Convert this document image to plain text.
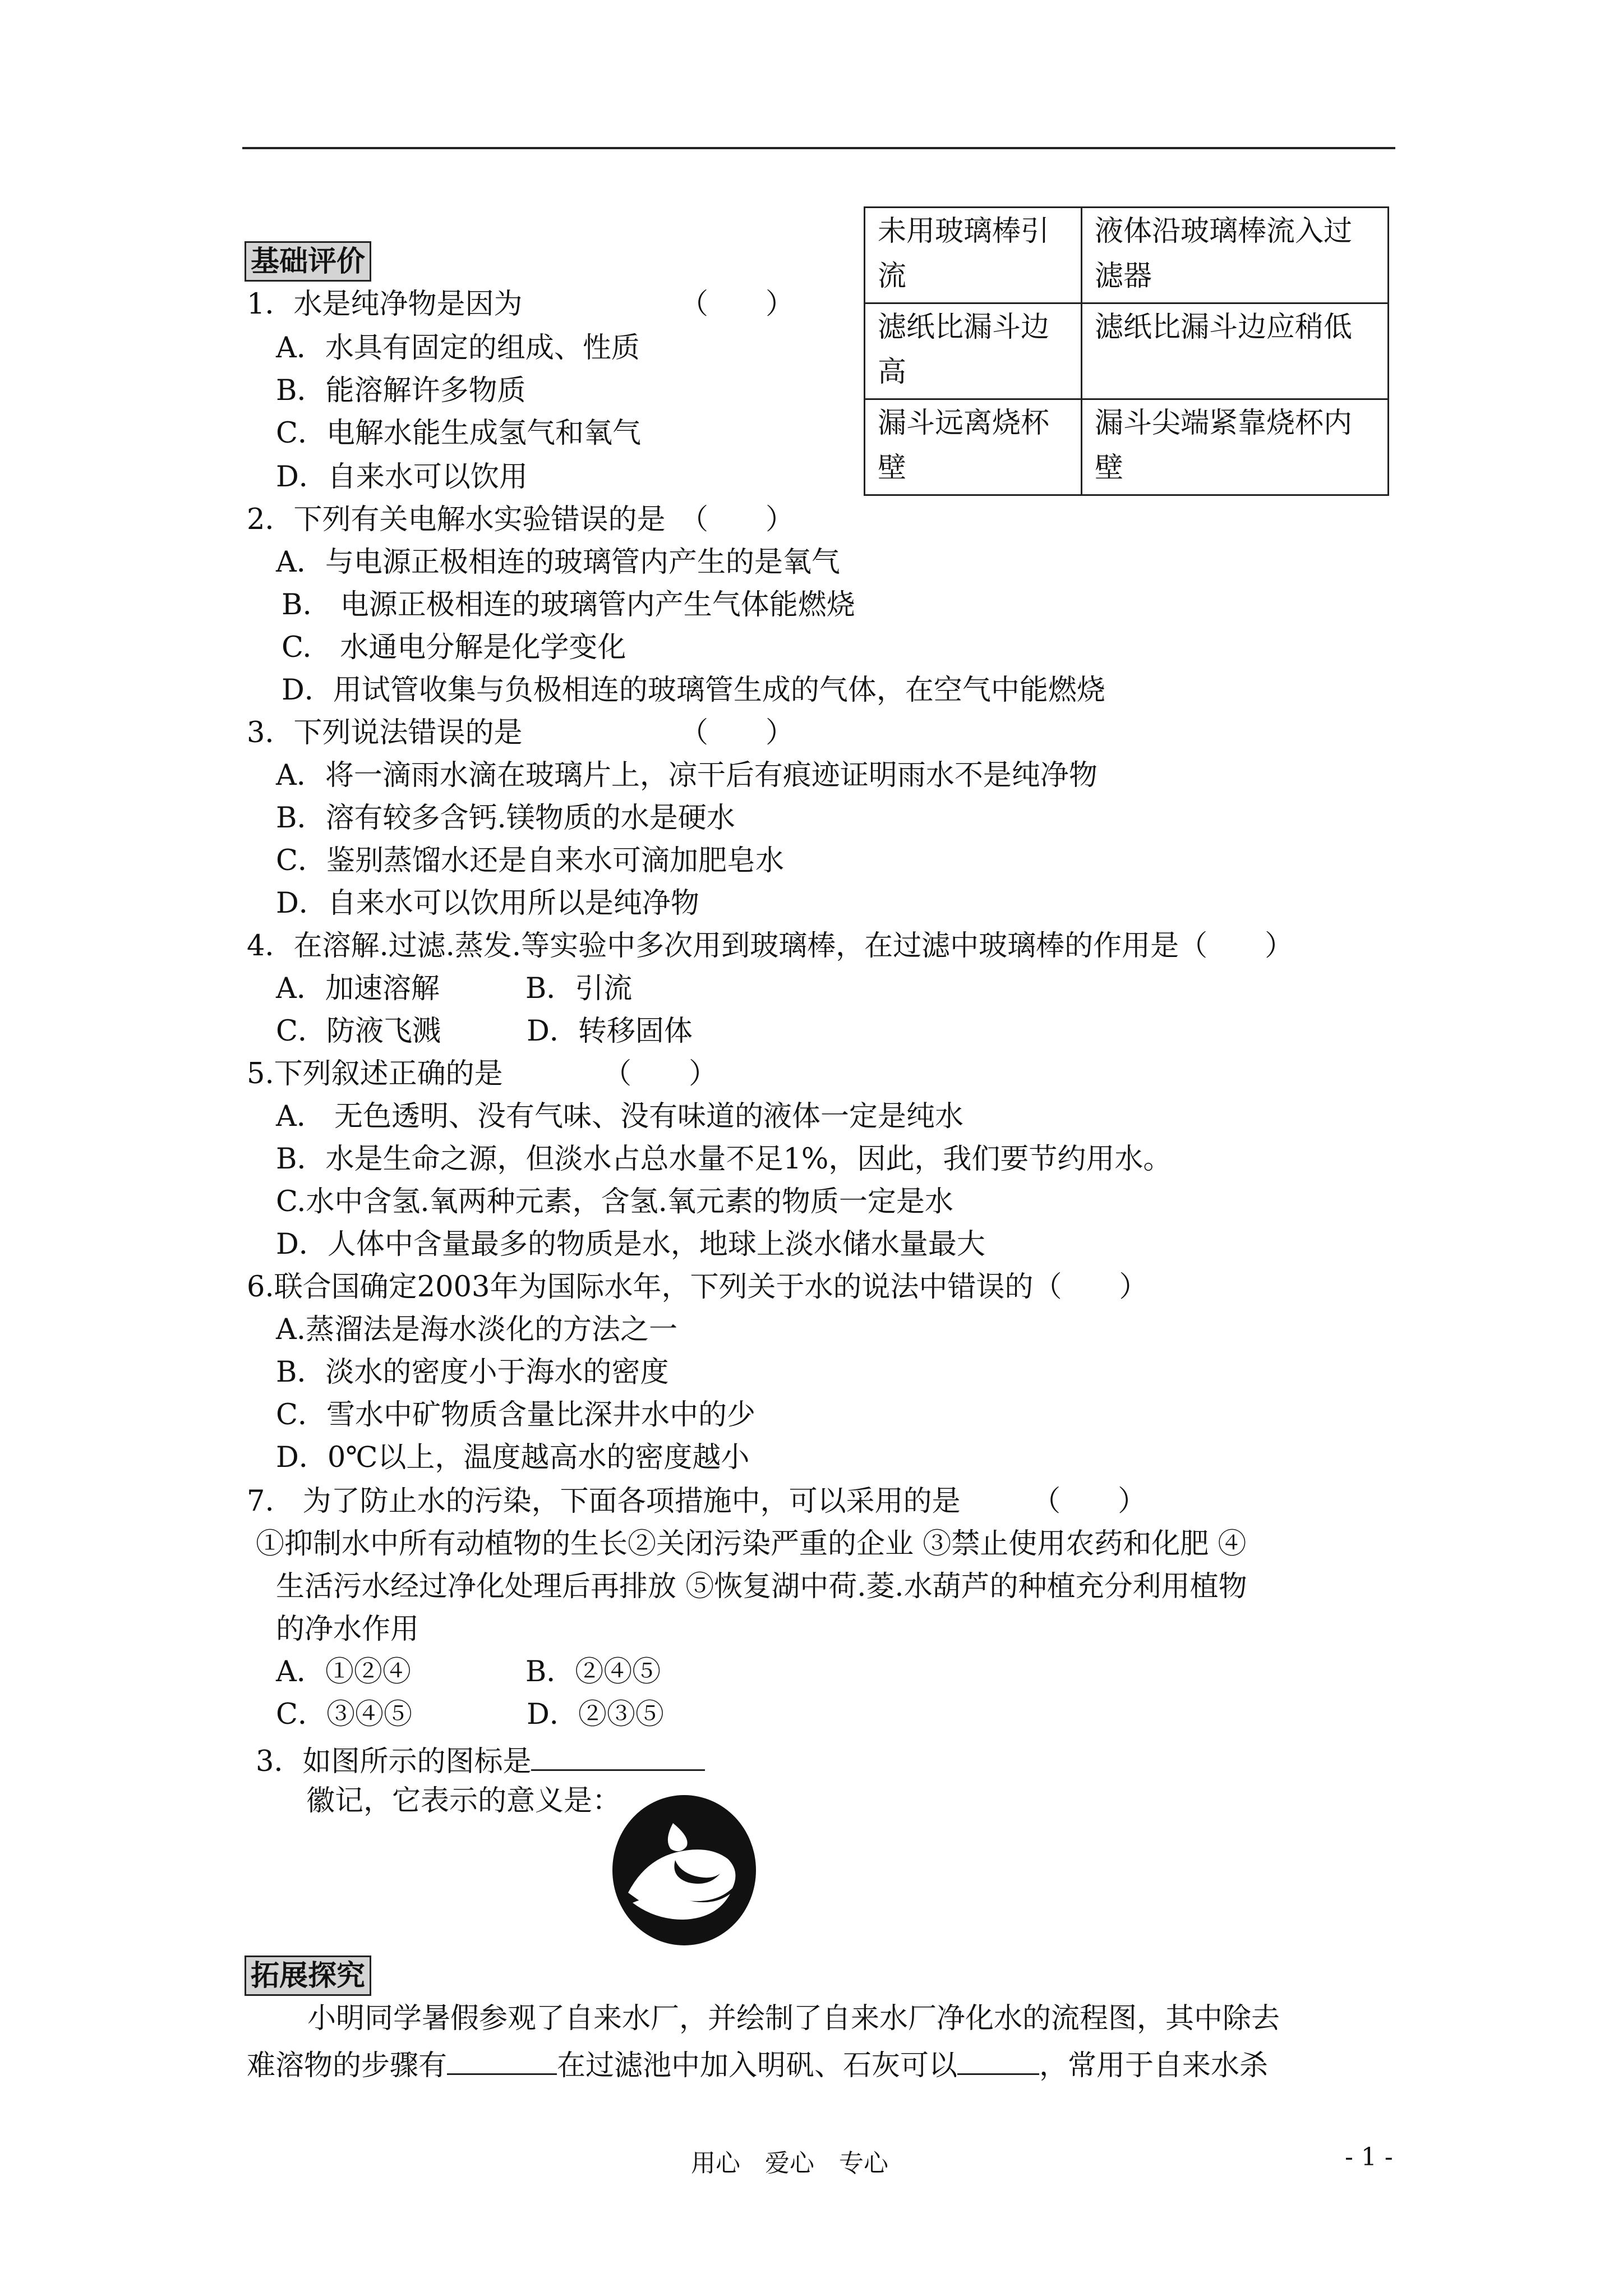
未用玻璃棒引流	液体沿玻璃棒流入过滤器
滤纸比漏斗边高	滤纸比漏斗边应稍低
漏斗远离烧杯壁	漏斗尖端紧靠烧杯内壁
基础评价
1．水是纯净物是因为　　　　　　（　　）
A．水具有固定的组成、性质
B．能溶解许多物质
C．电解水能生成氢气和氧气
D．自来水可以饮用
2．下列有关电解水实验错误的是　（　　）
A．与电源正极相连的玻璃管内产生的是氧气
B.　电源正极相连的玻璃管内产生气体能燃烧
C.　水通电分解是化学变化
D．用试管收集与负极相连的玻璃管生成的气体，在空气中能燃烧
3．下列说法错误的是　　　　　　（　　）
A．将一滴雨水滴在玻璃片上，凉干后有痕迹证明雨水不是纯净物
B．溶有较多含钙.镁物质的水是硬水
C．鉴别蒸馏水还是自来水可滴加肥皂水
D．自来水可以饮用所以是纯净物
4．在溶解.过滤.蒸发.等实验中多次用到玻璃棒，在过滤中玻璃棒的作用是（　　）
A．加速溶解　　　B．引流
C．防液飞溅　　　D．转移固体
5.下列叙述正确的是　　　　（　　）
A． 无色透明、没有气味、没有味道的液体一定是纯水
B．水是生命之源，但淡水占总水量不足1%，因此，我们要节约用水。
C.水中含氢.氧两种元素，含氢.氧元素的物质一定是水
D．人体中含量最多的物质是水，地球上淡水储水量最大
6.联合国确定2003年为国际水年，下列关于水的说法中错误的（　　）
A.蒸溜法是海水淡化的方法之一
B．淡水的密度小于海水的密度
C．雪水中矿物质含量比深井水中的少
D．0℃以上，温度越高水的密度越小
7.　为了防止水的污染，下面各项措施中，可以采用的是　　　（　　）
①抑制水中所有动植物的生长②关闭污染严重的企业 ③禁止使用农药和化肥 ④
生活污水经过净化处理后再排放 ⑤恢复湖中荷.菱.水葫芦的种植充分利用植物
的净水作用
A．①②④　　　　B．②④⑤
C．③④⑤　　　　D．②③⑤
3．如图所示的图标是
徽记，它表示的意义是：
拓展探究
小明同学暑假参观了自来水厂，并绘制了自来水厂净化水的流程图，其中除去
难溶物的步骤有	在过滤池中加入明矾、石灰可以	，常用于自来水杀
用心　爱心　专心	- 1 -
